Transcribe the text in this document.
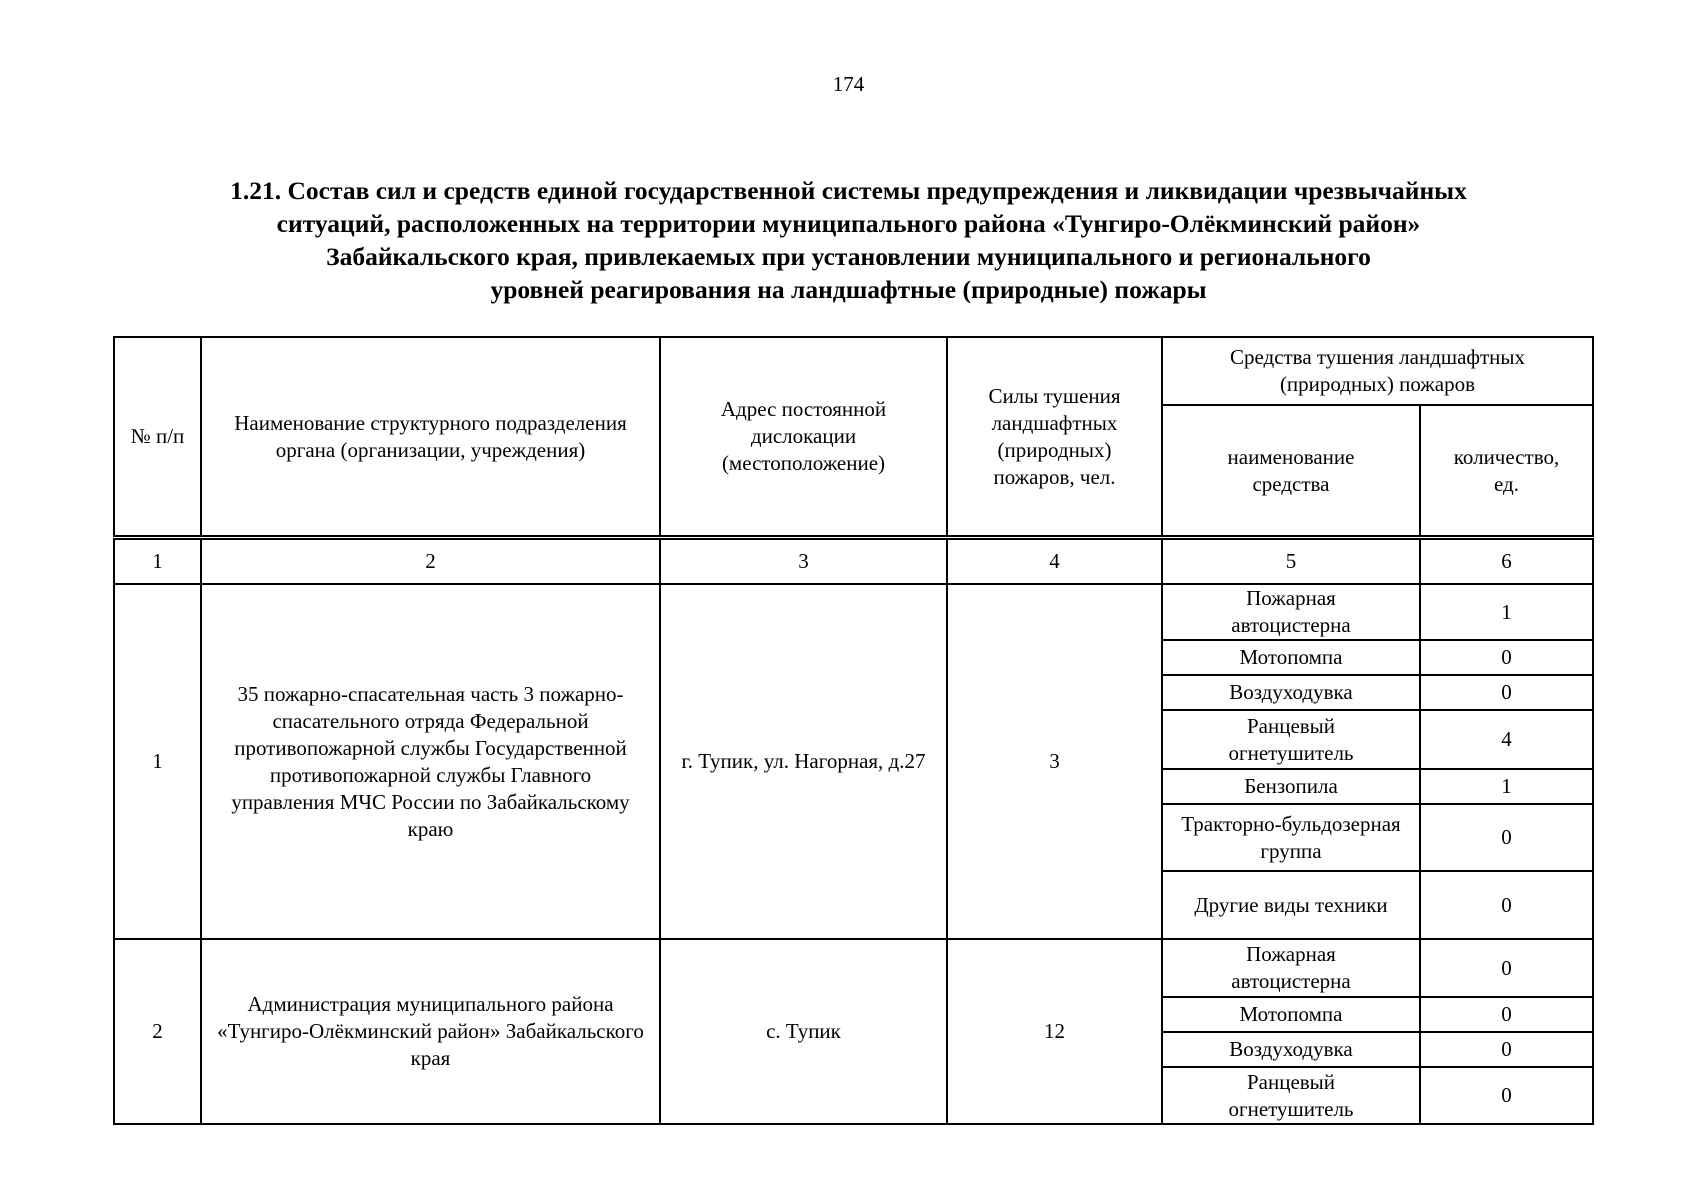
174
1.21. Состав сил и средств единой государственной системы предупреждения и ликвидации чрезвычайных
ситуаций, расположенных на территории муниципального района «Тунгиро-Олёкминский район»
Забайкальского края, привлекаемых при установлении муниципального и регионального
уровней реагирования на ландшафтные (природные) пожары
№ п/п	Наименование структурного подразделения органа (организации, учреждения)	Адрес постоянной дислокации (местоположение)	Силы тушения ландшафтных (природных) пожаров, чел.	Средства тушения ландшафтных (природных) пожаров	
				наименование средства	количество, ед.
1	2	3	4	5	6
1	35 пожарно-спасательная часть 3 пожарно-спасательного отряда Федеральной противопожарной службы Государственной противопожарной службы Главного управления МЧС России по Забайкальскому краю	г. Тупик, ул. Нагорная, д.27	3	Пожарная автоцистерна	1
				Мотопомпа	0
				Воздуходувка	0
				Ранцевый огнетушитель	4
				Бензопила	1
				Тракторно-бульдозерная группа	0
				Другие виды техники	0
2	Администрация муниципального района «Тунгиро-Олёкминский район» Забайкальского края	с. Тупик	12	Пожарная автоцистерна	0
				Мотопомпа	0
				Воздуходувка	0
				Ранцевый огнетушитель	0
